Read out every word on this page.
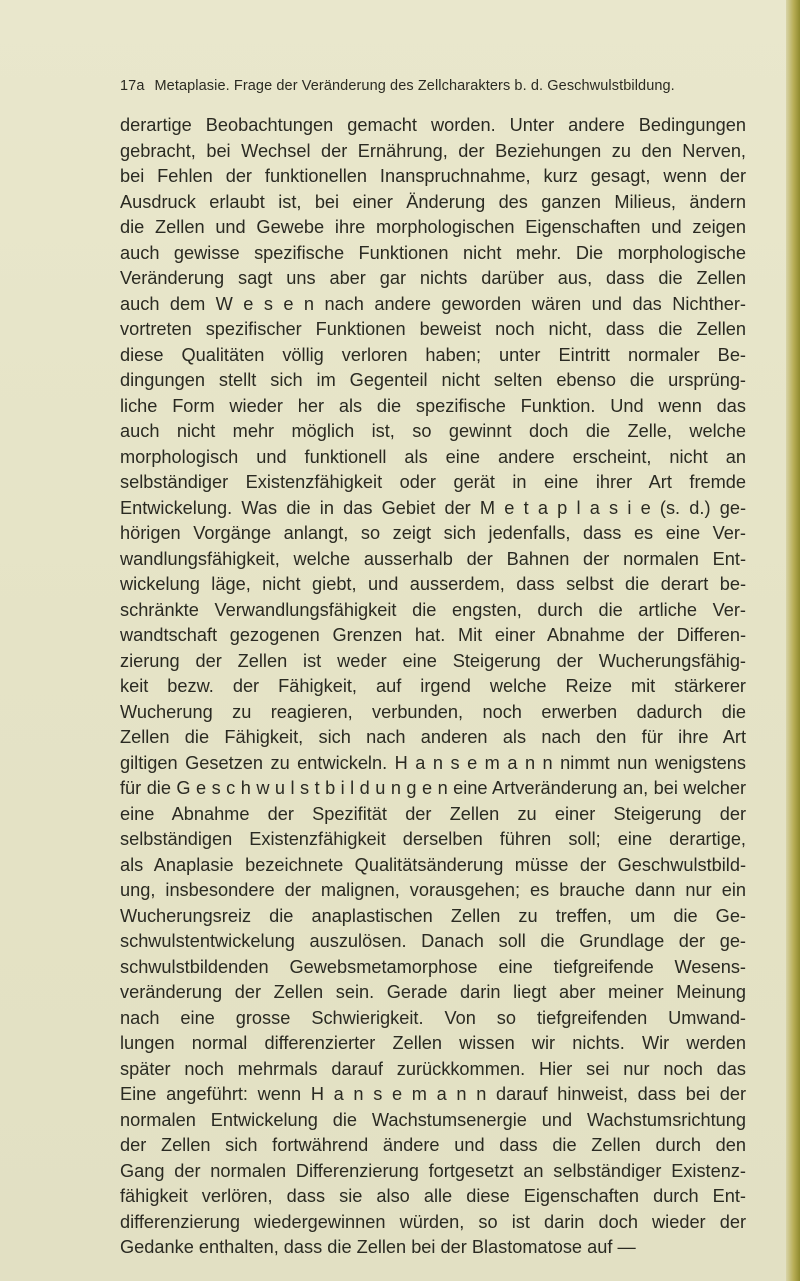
17a Metaplasie. Frage der Veränderung des Zellcharakters b. d. Geschwulstbildung.
derartige Beobachtungen gemacht worden. Unter andere Bedingungen
gebracht, bei Wechsel der Ernährung, der Beziehungen zu den Nerven,
bei Fehlen der funktionellen Inanspruchnahme, kurz gesagt, wenn der
Ausdruck erlaubt ist, bei einer Änderung des ganzen Milieus, ändern
die Zellen und Gewebe ihre morphologischen Eigenschaften und zeigen
auch gewisse spezifische Funktionen nicht mehr. Die morphologische
Veränderung sagt uns aber gar nichts darüber aus, dass die Zellen
auch dem W e s e n nach andere geworden wären und das Nichther-
vortreten spezifischer Funktionen beweist noch nicht, dass die Zellen
diese Qualitäten völlig verloren haben; unter Eintritt normaler Be-
dingungen stellt sich im Gegenteil nicht selten ebenso die ursprüng-
liche Form wieder her als die spezifische Funktion. Und wenn das
auch nicht mehr möglich ist, so gewinnt doch die Zelle, welche
morphologisch und funktionell als eine andere erscheint, nicht an
selbständiger Existenzfähigkeit oder gerät in eine ihrer Art fremde
Entwickelung. Was die in das Gebiet der M e t a p l a s i e (s. d.) ge-
hörigen Vorgänge anlangt, so zeigt sich jedenfalls, dass es eine Ver-
wandlungsfähigkeit, welche ausserhalb der Bahnen der normalen Ent-
wickelung läge, nicht giebt, und ausserdem, dass selbst die derart be-
schränkte Verwandlungsfähigkeit die engsten, durch die artliche Ver-
wandtschaft gezogenen Grenzen hat. Mit einer Abnahme der Differen-
zierung der Zellen ist weder eine Steigerung der Wucherungsfähig-
keit bezw. der Fähigkeit, auf irgend welche Reize mit stärkerer
Wucherung zu reagieren, verbunden, noch erwerben dadurch die
Zellen die Fähigkeit, sich nach anderen als nach den für ihre Art
giltigen Gesetzen zu entwickeln. H a n s e m a n n nimmt nun wenigstens
für die G e s c h w u l s t b i l d u n g e n eine Artveränderung an, bei welcher
eine Abnahme der Spezifität der Zellen zu einer Steigerung der
selbständigen Existenzfähigkeit derselben führen soll; eine derartige,
als Anaplasie bezeichnete Qualitätsänderung müsse der Geschwulstbild-
ung, insbesondere der malignen, vorausgehen; es brauche dann nur ein
Wucherungsreiz die anaplastischen Zellen zu treffen, um die Ge-
schwulstentwickelung auszulösen. Danach soll die Grundlage der ge-
schwulstbildenden Gewebsmetamorphose eine tiefgreifende Wesens-
veränderung der Zellen sein. Gerade darin liegt aber meiner Meinung
nach eine grosse Schwierigkeit. Von so tiefgreifenden Umwand-
lungen normal differenzierter Zellen wissen wir nichts. Wir werden
später noch mehrmals darauf zurückkommen. Hier sei nur noch das
Eine angeführt: wenn H a n s e m a n n darauf hinweist, dass bei der
normalen Entwickelung die Wachstumsenergie und Wachstumsrichtung
der Zellen sich fortwährend ändere und dass die Zellen durch den
Gang der normalen Differenzierung fortgesetzt an selbständiger Existenz-
fähigkeit verlören, dass sie also alle diese Eigenschaften durch Ent-
differenzierung wiedergewinnen würden, so ist darin doch wieder der
Gedanke enthalten, dass die Zellen bei der Blastomatose auf —
